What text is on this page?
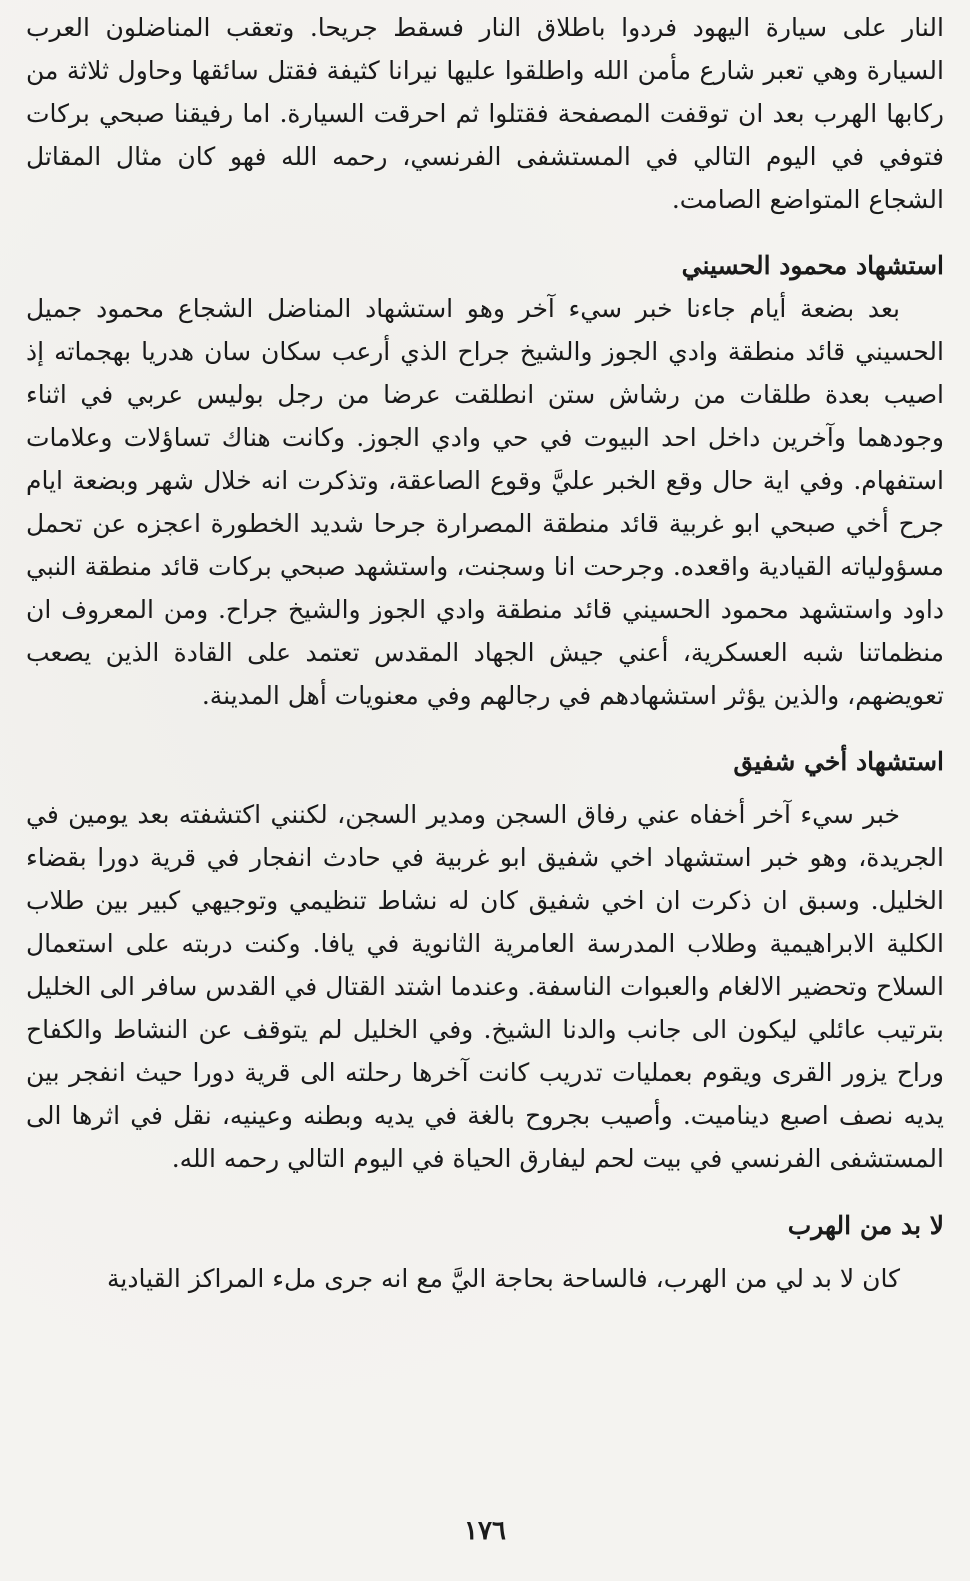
النار على سيارة اليهود فردوا باطلاق النار فسقط جريحا. وتعقب المناضلون العرب السيارة وهي تعبر شارع مأمن الله واطلقوا عليها نيرانا كثيفة فقتل سائقها وحاول ثلاثة من ركابها الهرب بعد ان توقفت المصفحة فقتلوا ثم احرقت السيارة. اما رفيقنا صبحي بركات فتوفي في اليوم التالي في المستشفى الفرنسي، رحمه الله فهو كان مثال المقاتل الشجاع المتواضع الصامت.

استشهاد محمود الحسيني

بعد بضعة أيام جاءنا خبر سيء آخر وهو استشهاد المناضل الشجاع محمود جميل الحسيني قائد منطقة وادي الجوز والشيخ جراح الذي أرعب سكان سان هدريا بهجماته إذ اصيب بعدة طلقات من رشاش ستن انطلقت عرضا من رجل بوليس عربي في اثناء وجودهما وآخرين داخل احد البيوت في حي وادي الجوز. وكانت هناك تساؤلات وعلامات استفهام. وفي اية حال وقع الخبر عليَّ وقوع الصاعقة، وتذكرت انه خلال شهر وبضعة ايام جرح أخي صبحي ابو غربية قائد منطقة المصرارة جرحا شديد الخطورة اعجزه عن تحمل مسؤولياته القيادية واقعده. وجرحت انا وسجنت، واستشهد صبحي بركات قائد منطقة النبي داود واستشهد محمود الحسيني قائد منطقة وادي الجوز والشيخ جراح. ومن المعروف ان منظماتنا شبه العسكرية، أعني جيش الجهاد المقدس تعتمد على القادة الذين يصعب تعويضهم، والذين يؤثر استشهادهم في رجالهم وفي معنويات أهل المدينة.

استشهاد أخي شفيق

خبر سيء آخر أخفاه عني رفاق السجن ومدير السجن، لكنني اكتشفته بعد يومين في الجريدة، وهو خبر استشهاد اخي شفيق ابو غربية في حادث انفجار في قرية دورا بقضاء الخليل. وسبق ان ذكرت ان اخي شفيق كان له نشاط تنظيمي وتوجيهي كبير بين طلاب الكلية الابراهيمية وطلاب المدرسة العامرية الثانوية في يافا. وكنت دربته على استعمال السلاح وتحضير الالغام والعبوات الناسفة. وعندما اشتد القتال في القدس سافر الى الخليل بترتيب عائلي ليكون الى جانب والدنا الشيخ. وفي الخليل لم يتوقف عن النشاط والكفاح وراح يزور القرى ويقوم بعمليات تدريب كانت آخرها رحلته الى قرية دورا حيث انفجر بين يديه نصف اصبع ديناميت. وأصيب بجروح بالغة في يديه وبطنه وعينيه، نقل في اثرها الى المستشفى الفرنسي في بيت لحم ليفارق الحياة في اليوم التالي رحمه الله.

لا بد من الهرب

كان لا بد لي من الهرب، فالساحة بحاجة اليَّ مع انه جرى ملء المراكز القيادية

١٧٦
